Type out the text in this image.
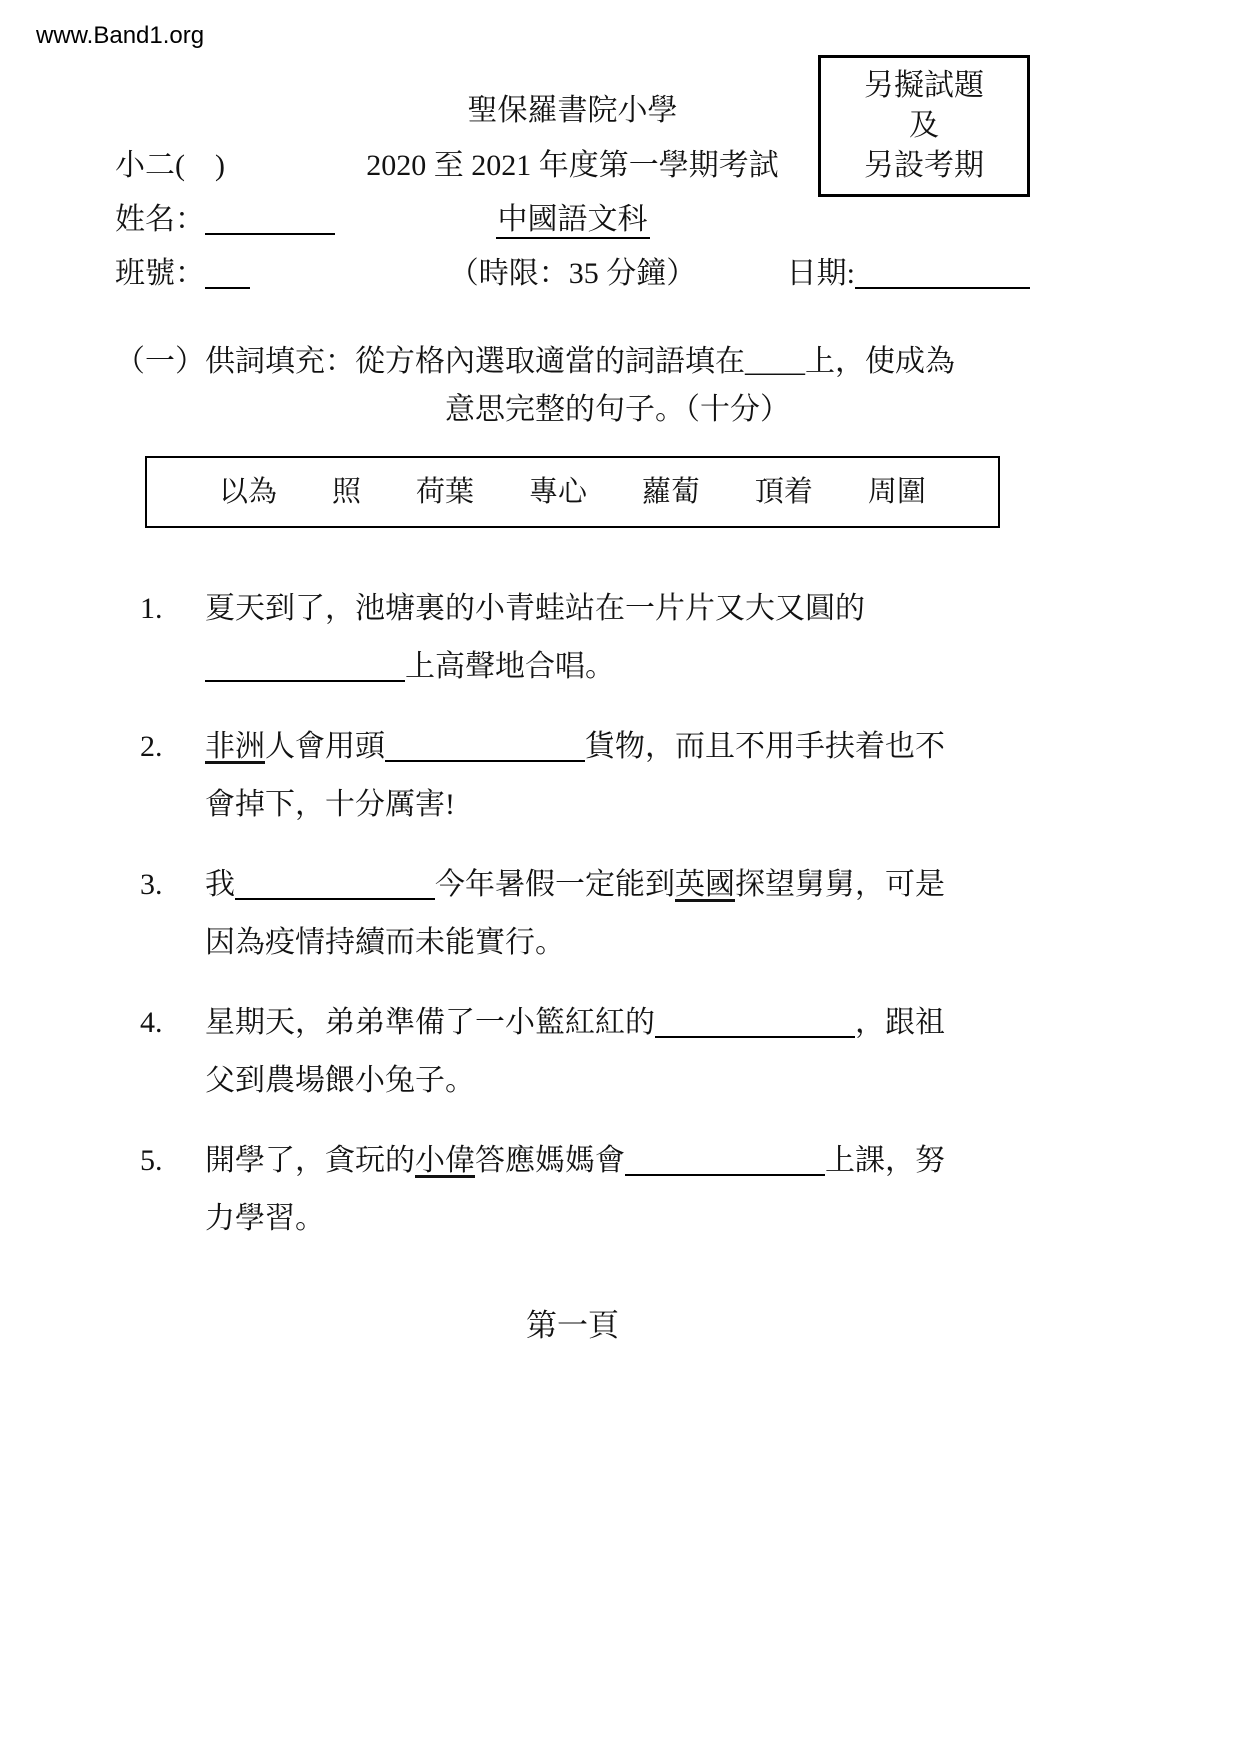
www.Band1.org
另擬試題
及
另設考期
聖保羅書院小學
小二(　)	2020 至 2021 年度第一學期考試
姓名：	中國語文科
班號：	（時限：35 分鐘）	日期:
（一） 供詞填充：從方格內選取適當的詞語填在____上，使成為
意思完整的句子。（十分）
以為 照 荷葉 專心 蘿蔔 頂着 周圍
1.	夏天到了，池塘裏的小青蛙站在一片片又大又圓的
上高聲地合唱。
2.	非洲人會用頭	貨物，而且不用手扶着也不
會掉下，十分厲害!
3.	我	今年暑假一定能到英國探望舅舅，可是
因為疫情持續而未能實行。
4.	星期天，弟弟準備了一小籃紅紅的	，跟祖
父到農場餵小兔子。
5.	開學了，貪玩的小偉答應媽媽會	上課，努
力學習。
第一頁
